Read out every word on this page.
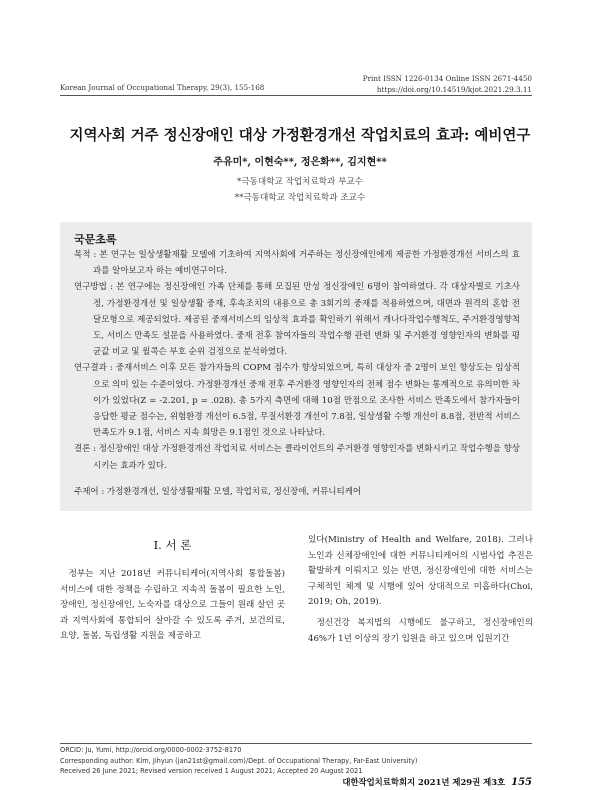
Korean Journal of Occupational Therapy, 29(3), 155-168
Print ISSN 1226-0134 Online ISSN 2671-4450
https://doi.org/10.14519/kjot.2021.29.3.11
지역사회 거주 정신장애인 대상 가정환경개선 작업치료의 효과: 예비연구
주유미*, 이현숙**, 정은화**, 김지현**
*극동대학교 작업치료학과 부교수
**극동대학교 작업치료학과 조교수
국문초록

목적 : 본 연구는 일상생활재활 모델에 기초하여 지역사회에 거주하는 정신장애인에게 제공한 가정환경개선 서비스의 효과를 알아보고자 하는 예비연구이다.

연구방법 : 본 연구에는 정신장애인 가족 단체를 통해 모집된 만성 정신장애인 6명이 참여하였다. 각 대상자별로 기초사정, 가정환경개선 및 일상생활 중재, 후속조치의 내용으로 총 3회기의 중재를 적용하였으며, 대면과 원격의 혼합 전달모형으로 제공되었다. 제공된 중재서비스의 임상적 효과를 확인하기 위해서 캐나다작업수행척도, 주거환경영향척도, 서비스 만족도 설문을 사용하였다. 중재 전후 참여자들의 작업수행 관련 변화 및 주거환경 영향인자의 변화를 평균값 비교 및 윌콕슨 부호 순위 검정으로 분석하였다.

연구결과 : 중재서비스 이후 모든 참가자들의 COPM 점수가 향상되었으며, 특히 대상자 중 2명이 보인 향상도는 임상적으로 의미 있는 수준이었다. 가정환경개선 중재 전후 주거환경 영향인자의 전체 점수 변화는 통계적으로 유의미한 차이가 있었다(Z = -2.201, p = .028). 총 5가지 측면에 대해 10점 만점으로 조사한 서비스 만족도에서 참가자들이 응답한 평균 점수는, 위험환경 개선이 6.5점, 무질서환경 개선이 7.8점, 일상생활 수행 개선이 8.8점, 전반적 서비스 만족도가 9.1점, 서비스 지속 희망은 9.1점인 것으로 나타났다.

결론 : 정신장애인 대상 가정환경개선 작업치료 서비스는 클라이언트의 주거환경 영향인자를 변화시키고 작업수행을 향상시키는 효과가 있다.

주제어 : 가정환경개선, 일상생활재활 모델, 작업치료, 정신장애, 커뮤니티케어
I. 서 론

정부는 지난 2018년 커뮤니티케어(지역사회 통합돌봄) 서비스에 대한 정책을 수립하고 지속적 돌봄이 필요한 노인, 장애인, 정신장애인, 노숙자를 대상으로 그들이 원래 살던 곳과 지역사회에 통합되어 살아갈 수 있도록 주거, 보건의료, 요양, 돌봄, 독립생활 지원을 제공하고

있다(Ministry of Health and Welfare, 2018). 그러나 노인과 신체장애인에 대한 커뮤니티케어의 시범사업 추진은 활발하게 이뤄지고 있는 반면, 정신장애인에 대한 서비스는 구체적인 체계 및 시행에 있어 상대적으로 미흡하다(Choi, 2019; Oh, 2019).

정신건강 복지법의 시행에도 불구하고, 정신장애인의 46%가 1년 이상의 장기 입원을 하고 있으며 입원기간

ORCID: Ju, Yumi, http://orcid.org/0000-0002-3752-8170
Corresponding author: Kim, Jihyun (jan21st@gmail.com)/Dept. of Occupational Therapy, Far-East University)
Received 26 June 2021; Revised version received 1 August 2021; Accepted 20 August 2021
대한작업치료학회지 2021년 제29권 제3호 155
